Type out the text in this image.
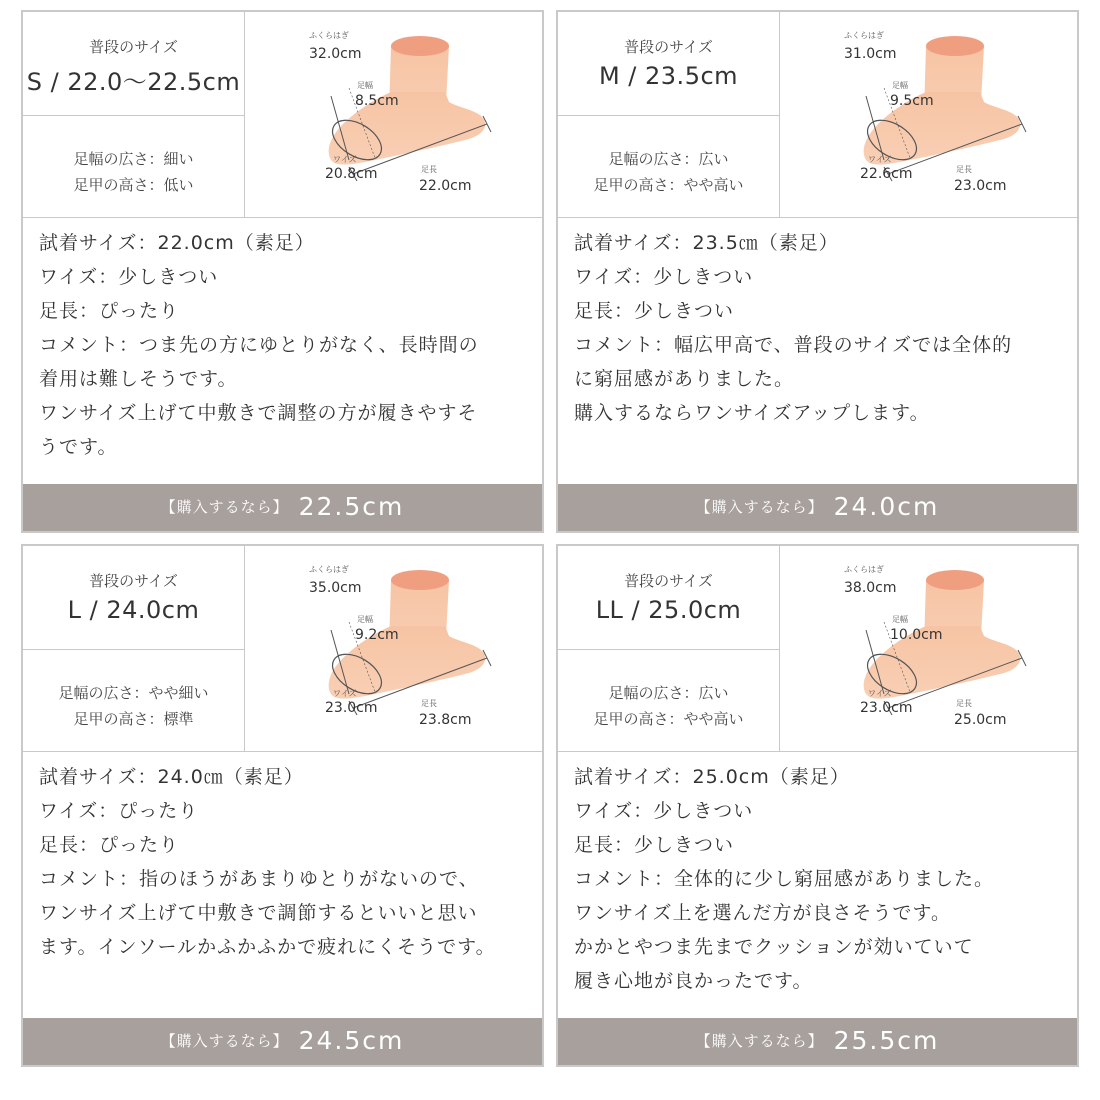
普段のサイズ
S / 22.0〜22.5cm
足幅の広さ：細い
足甲の高さ：低い
ふくらはぎ
32.0cm
足幅
8.5cm
ワイズ
20.8cm	足長
22.0cm
試着サイズ：22.0cm（素足）
ワイズ：少しきつい
足長：ぴったり
コメント：つま先の方にゆとりがなく、長時間の
着用は難しそうです。
ワンサイズ上げて中敷きで調整の方が履きやすそ
うです。
【購入するなら】 22.5cm
普段のサイズ
M / 23.5cm
足幅の広さ：広い
足甲の高さ：やや高い
ふくらはぎ
31.0cm
足幅
9.5cm
ワイズ
22.6cm	足長
23.0cm
試着サイズ：23.5㎝（素足）
ワイズ：少しきつい
足長：少しきつい
コメント：幅広甲高で、普段のサイズでは全体的
に窮屈感がありました。
購入するならワンサイズアップします。
【購入するなら】 24.0cm
普段のサイズ
L / 24.0cm
足幅の広さ：やや細い
足甲の高さ：標準
ふくらはぎ
35.0cm
足幅
9.2cm
ワイズ
23.0cm	足長
23.8cm
試着サイズ：24.0㎝（素足）
ワイズ：ぴったり
足長：ぴったり
コメント：指のほうがあまりゆとりがないので、
ワンサイズ上げて中敷きで調節するといいと思い
ます。インソールかふかふかで疲れにくそうです。
【購入するなら】 24.5cm
普段のサイズ
LL / 25.0cm
足幅の広さ：広い
足甲の高さ：やや高い
ふくらはぎ
38.0cm
足幅
10.0cm
ワイズ
23.0cm	足長
25.0cm
試着サイズ：25.0cm（素足）
ワイズ：少しきつい
足長：少しきつい
コメント：全体的に少し窮屈感がありました。
ワンサイズ上を選んだ方が良さそうです。
かかとやつま先までクッションが効いていて
履き心地が良かったです。
【購入するなら】 25.5cm
